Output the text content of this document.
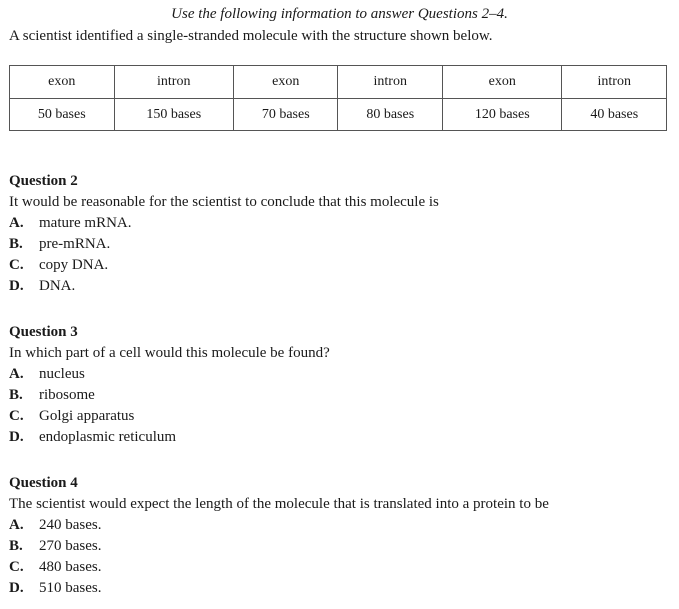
Use the following information to answer Questions 2–4.
A scientist identified a single-stranded molecule with the structure shown below.
exon	intron	exon	intron	exon	intron
50 bases	150 bases	70 bases	80 bases	120 bases	40 bases
Question 2
It would be reasonable for the scientist to conclude that this molecule is
A.	mature mRNA.
B.	pre-mRNA.
C.	copy DNA.
D.	DNA.
Question 3
In which part of a cell would this molecule be found?
A.	nucleus
B.	ribosome
C.	Golgi apparatus
D.	endoplasmic reticulum
Question 4
The scientist would expect the length of the molecule that is translated into a protein to be
A.	240 bases.
B.	270 bases.
C.	480 bases.
D.	510 bases.
